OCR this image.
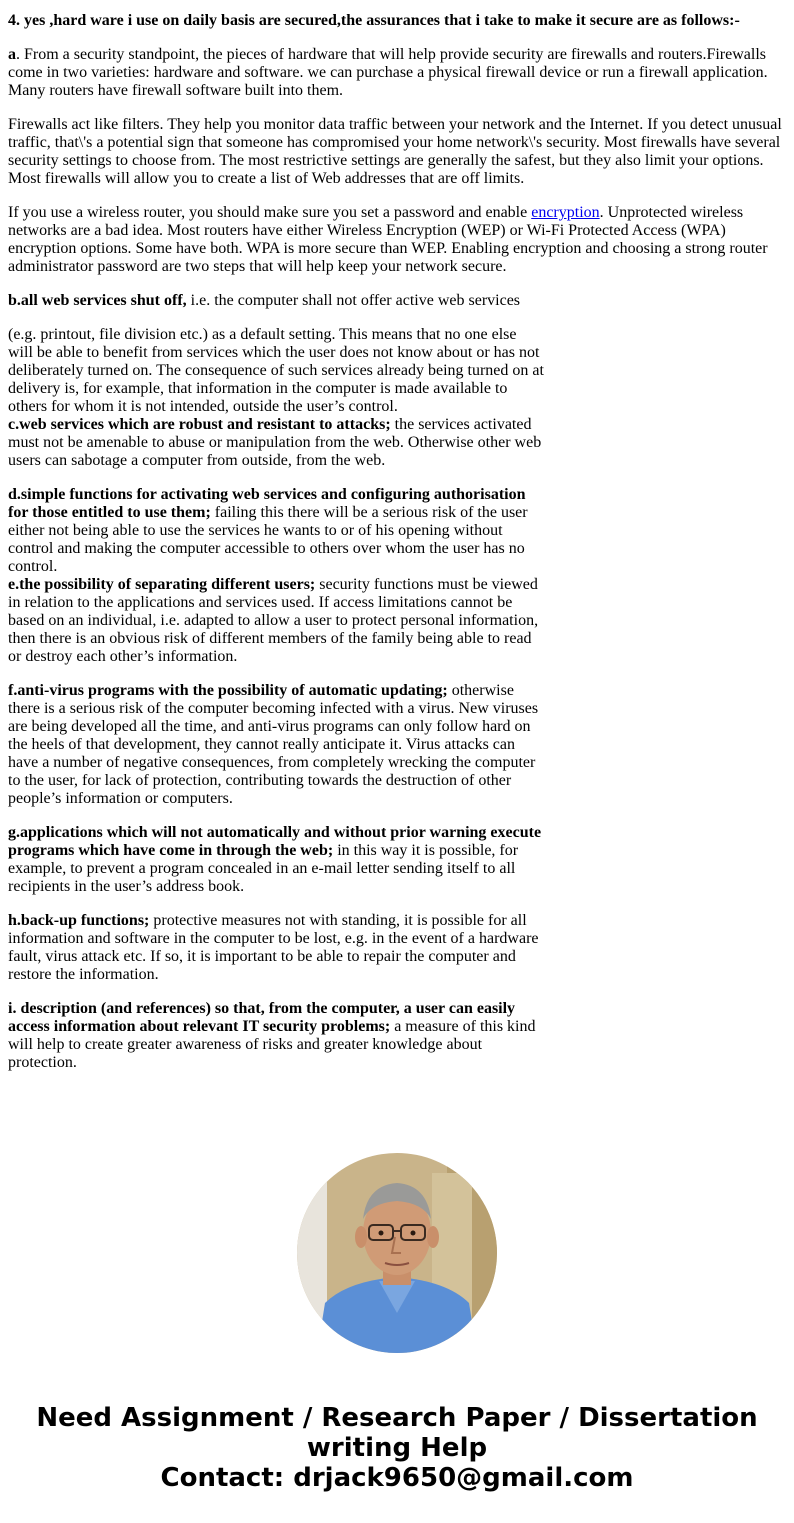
4. yes ,hard ware i use on daily basis are secured,the assurances that i take to make it secure are as follows:-

a. From a security standpoint, the pieces of hardware that will help provide security are firewalls and routers.Firewalls come in two varieties: hardware and software. we can purchase a physical firewall device or run a firewall application. Many routers have firewall software built into them.

Firewalls act like filters. They help you monitor data traffic between your network and the Internet. If you detect unusual traffic, that\'s a potential sign that someone has compromised your home network\'s security. Most firewalls have several security settings to choose from. The most restrictive settings are generally the safest, but they also limit your options. Most firewalls will allow you to create a list of Web addresses that are off limits.

If you use a wireless router, you should make sure you set a password and enable encryption. Unprotected wireless networks are a bad idea. Most routers have either Wireless Encryption (WEP) or Wi-Fi Protected Access (WPA) encryption options. Some have both. WPA is more secure than WEP. Enabling encryption and choosing a strong router administrator password are two steps that will help keep your network secure.

b.all web services shut off, i.e. the computer shall not offer active web services

(e.g. printout, file division etc.) as a default setting. This means that no one else will be able to benefit from services which the user does not know about or has not deliberately turned on. The consequence of such services already being turned on at delivery is, for example, that information in the computer is made available to others for whom it is not intended, outside the user’s control.
c.web services which are robust and resistant to attacks; the services activated must not be amenable to abuse or manipulation from the web. Otherwise other web users can sabotage a computer from outside, from the web.

d.simple functions for activating web services and configuring authorisation for those entitled to use them; failing this there will be a serious risk of the user either not being able to use the services he wants to or of his opening without control and making the computer accessible to others over whom the user has no control.
e.the possibility of separating different users; security functions must be viewed in relation to the applications and services used. If access limitations cannot be based on an individual, i.e. adapted to allow a user to protect personal information, then there is an obvious risk of different members of the family being able to read or destroy each other’s information.

f.anti-virus programs with the possibility of automatic updating; otherwise there is a serious risk of the computer becoming infected with a virus. New viruses are being developed all the time, and anti-virus programs can only follow hard on the heels of that development, they cannot really anticipate it. Virus attacks can have a number of negative consequences, from completely wrecking the computer to the user, for lack of protection, contributing towards the destruction of other people’s information or computers.

g.applications which will not automatically and without prior warning execute programs which have come in through the web; in this way it is possible, for example, to prevent a program concealed in an e-mail letter sending itself to all recipients in the user’s address book.

h.back-up functions; protective measures not with standing, it is possible for all information and software in the computer to be lost, e.g. in the event of a hardware fault, virus attack etc. If so, it is important to be able to repair the computer and restore the information.

i. description (and references) so that, from the computer, a user can easily access information about relevant IT security problems; a measure of this kind will help to create greater awareness of risks and greater knowledge about protection.

Need Assignment / Research Paper / Dissertation writing Help
Contact: drjack9650@gmail.com
